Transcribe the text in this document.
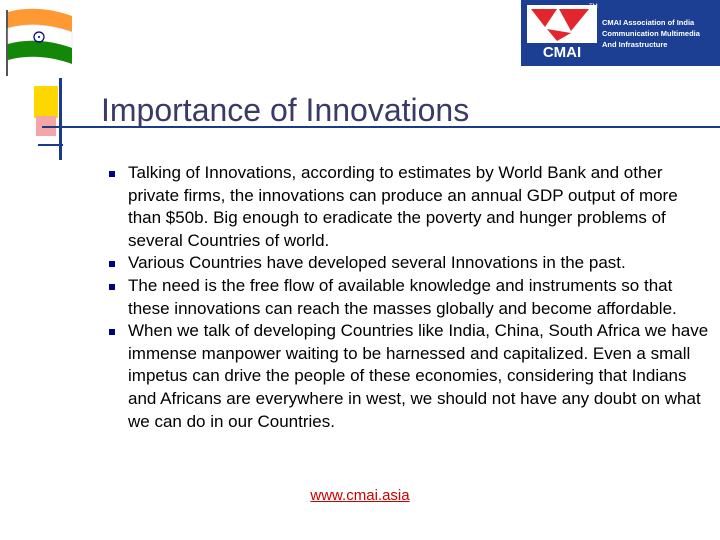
CMAI
TM
CMAI Association of India
Communication Multimedia
And Infrastructure
Importance of Innovations
Talking of Innovations, according to estimates by World Bank and other private firms, the innovations can produce an annual GDP output of more than $50b. Big enough to eradicate the poverty and hunger problems of several Countries of world.
Various Countries have developed several Innovations in the past.
The need is the free flow of available knowledge and instruments so that these innovations can reach the masses globally and become affordable.
When we talk of developing Countries like India, China, South Africa we have immense manpower waiting to be harnessed and capitalized. Even a small impetus can drive the people of these economies, considering that Indians and Africans are everywhere in west, we should not have any doubt on what we can do in our Countries.
www.cmai.asia
